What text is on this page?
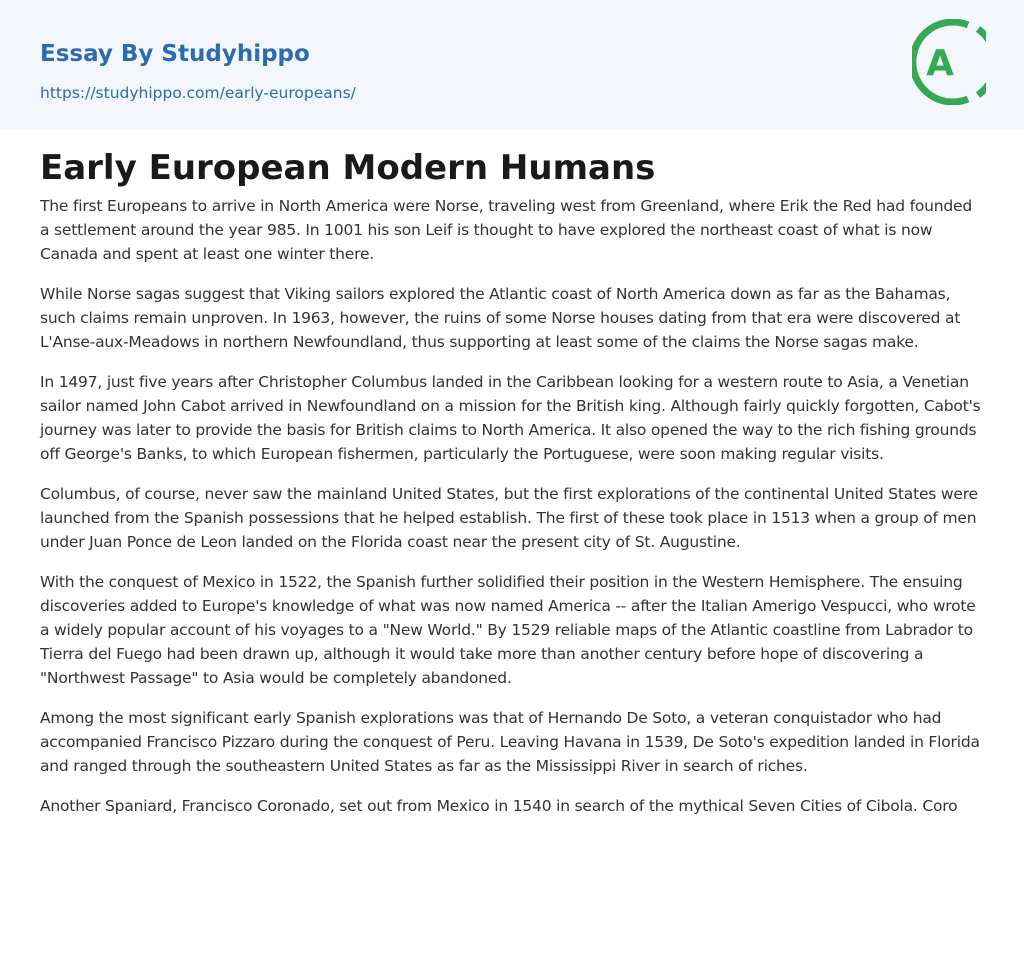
Essay By Studyhippo
https://studyhippo.com/early-europeans/
A
Early European Modern Humans

The first Europeans to arrive in North America were Norse, traveling west from Greenland, where Erik the Red had founded a settlement around the year 985. In 1001 his son Leif is thought to have explored the northeast coast of what is now Canada and spent at least one winter there.

While Norse sagas suggest that Viking sailors explored the Atlantic coast of North America down as far as the Bahamas, such claims remain unproven. In 1963, however, the ruins of some Norse houses dating from that era were discovered at L'Anse-aux-Meadows in northern Newfoundland, thus supporting at least some of the claims the Norse sagas make.

In 1497, just five years after Christopher Columbus landed in the Caribbean looking for a western route to Asia, a Venetian sailor named John Cabot arrived in Newfoundland on a mission for the British king. Although fairly quickly forgotten, Cabot's journey was later to provide the basis for British claims to North America. It also opened the way to the rich fishing grounds off George's Banks, to which European fishermen, particularly the Portuguese, were soon making regular visits.

Columbus, of course, never saw the mainland United States, but the first explorations of the continental United States were launched from the Spanish possessions that he helped establish. The first of these took place in 1513 when a group of men under Juan Ponce de Leon landed on the Florida coast near the present city of St. Augustine.

With the conquest of Mexico in 1522, the Spanish further solidified their position in the Western Hemisphere. The ensuing discoveries added to Europe's knowledge of what was now named America -- after the Italian Amerigo Vespucci, who wrote a widely popular account of his voyages to a "New World." By 1529 reliable maps of the Atlantic coastline from Labrador to Tierra del Fuego had been drawn up, although it would take more than another century before hope of discovering a "Northwest Passage" to Asia would be completely abandoned.

Among the most significant early Spanish explorations was that of Hernando De Soto, a veteran conquistador who had accompanied Francisco Pizzaro during the conquest of Peru. Leaving Havana in 1539, De Soto's expedition landed in Florida and ranged through the southeastern United States as far as the Mississippi River in search of riches.

Another Spaniard, Francisco Coronado, set out from Mexico in 1540 in search of the mythical Seven Cities of Cibola. Coro
